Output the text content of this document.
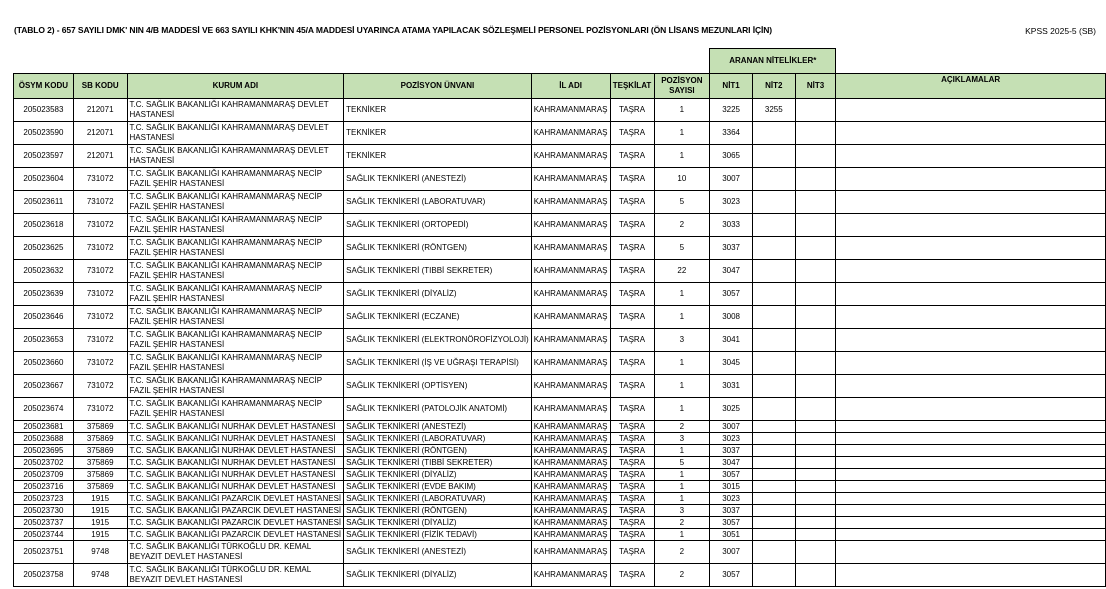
(TABLO 2) - 657 SAYILI DMK' NIN 4/B MADDESİ VE 663 SAYILI KHK'NIN 45/A MADDESİ UYARINCA ATAMA YAPILACAK SÖZLEŞMELİ PERSONEL POZİSYONLARI (ÖN LİSANS MEZUNLARI İÇİN)	KPSS 2025-5 (SB)
							ARANAN NİTELİKLER*			
ÖSYM KODU	SB KODU	KURUM ADI	POZİSYON ÜNVANI	İL ADI	TEŞKİLAT	POZİSYON SAYISI	NİT1	NİT2	NİT3	AÇIKLAMALAR
205023583	212071	T.C. SAĞLIK BAKANLIĞI KAHRAMANMARAŞ DEVLET HASTANESİ	TEKNİKER	KAHRAMANMARAŞ	TAŞRA	1	3225	3255		
205023590	212071	T.C. SAĞLIK BAKANLIĞI KAHRAMANMARAŞ DEVLET HASTANESİ	TEKNİKER	KAHRAMANMARAŞ	TAŞRA	1	3364			
205023597	212071	T.C. SAĞLIK BAKANLIĞI KAHRAMANMARAŞ DEVLET HASTANESİ	TEKNİKER	KAHRAMANMARAŞ	TAŞRA	1	3065			
205023604	731072	T.C. SAĞLIK BAKANLIĞI KAHRAMANMARAŞ NECİP FAZIL ŞEHİR HASTANESİ	SAĞLIK TEKNİKERİ (ANESTEZİ)	KAHRAMANMARAŞ	TAŞRA	10	3007			
205023611	731072	T.C. SAĞLIK BAKANLIĞI KAHRAMANMARAŞ NECİP FAZIL ŞEHİR HASTANESİ	SAĞLIK TEKNİKERİ (LABORATUVAR)	KAHRAMANMARAŞ	TAŞRA	5	3023			
205023618	731072	T.C. SAĞLIK BAKANLIĞI KAHRAMANMARAŞ NECİP FAZIL ŞEHİR HASTANESİ	SAĞLIK TEKNİKERİ (ORTOPEDİ)	KAHRAMANMARAŞ	TAŞRA	2	3033			
205023625	731072	T.C. SAĞLIK BAKANLIĞI KAHRAMANMARAŞ NECİP FAZIL ŞEHİR HASTANESİ	SAĞLIK TEKNİKERİ (RÖNTGEN)	KAHRAMANMARAŞ	TAŞRA	5	3037			
205023632	731072	T.C. SAĞLIK BAKANLIĞI KAHRAMANMARAŞ NECİP FAZIL ŞEHİR HASTANESİ	SAĞLIK TEKNİKERİ (TIBBİ SEKRETER)	KAHRAMANMARAŞ	TAŞRA	22	3047			
205023639	731072	T.C. SAĞLIK BAKANLIĞI KAHRAMANMARAŞ NECİP FAZIL ŞEHİR HASTANESİ	SAĞLIK TEKNİKERİ (DİYALİZ)	KAHRAMANMARAŞ	TAŞRA	1	3057			
205023646	731072	T.C. SAĞLIK BAKANLIĞI KAHRAMANMARAŞ NECİP FAZIL ŞEHİR HASTANESİ	SAĞLIK TEKNİKERİ (ECZANE)	KAHRAMANMARAŞ	TAŞRA	1	3008			
205023653	731072	T.C. SAĞLIK BAKANLIĞI KAHRAMANMARAŞ NECİP FAZIL ŞEHİR HASTANESİ	SAĞLIK TEKNİKERİ (ELEKTRONÖROFİZYOLOJİ)	KAHRAMANMARAŞ	TAŞRA	3	3041			
205023660	731072	T.C. SAĞLIK BAKANLIĞI KAHRAMANMARAŞ NECİP FAZIL ŞEHİR HASTANESİ	SAĞLIK TEKNİKERİ (İŞ VE UĞRAŞI TERAPİSİ)	KAHRAMANMARAŞ	TAŞRA	1	3045			
205023667	731072	T.C. SAĞLIK BAKANLIĞI KAHRAMANMARAŞ NECİP FAZIL ŞEHİR HASTANESİ	SAĞLIK TEKNİKERİ (OPTİSYEN)	KAHRAMANMARAŞ	TAŞRA	1	3031			
205023674	731072	T.C. SAĞLIK BAKANLIĞI KAHRAMANMARAŞ NECİP FAZIL ŞEHİR HASTANESİ	SAĞLIK TEKNİKERİ (PATOLOJİK ANATOMİ)	KAHRAMANMARAŞ	TAŞRA	1	3025			
205023681	375869	T.C. SAĞLIK BAKANLIĞI NURHAK DEVLET HASTANESİ	SAĞLIK TEKNİKERİ (ANESTEZİ)	KAHRAMANMARAŞ	TAŞRA	2	3007			
205023688	375869	T.C. SAĞLIK BAKANLIĞI NURHAK DEVLET HASTANESİ	SAĞLIK TEKNİKERİ (LABORATUVAR)	KAHRAMANMARAŞ	TAŞRA	3	3023			
205023695	375869	T.C. SAĞLIK BAKANLIĞI NURHAK DEVLET HASTANESİ	SAĞLIK TEKNİKERİ (RÖNTGEN)	KAHRAMANMARAŞ	TAŞRA	1	3037			
205023702	375869	T.C. SAĞLIK BAKANLIĞI NURHAK DEVLET HASTANESİ	SAĞLIK TEKNİKERİ (TIBBİ SEKRETER)	KAHRAMANMARAŞ	TAŞRA	5	3047			
205023709	375869	T.C. SAĞLIK BAKANLIĞI NURHAK DEVLET HASTANESİ	SAĞLIK TEKNİKERİ (DİYALİZ)	KAHRAMANMARAŞ	TAŞRA	1	3057			
205023716	375869	T.C. SAĞLIK BAKANLIĞI NURHAK DEVLET HASTANESİ	SAĞLIK TEKNİKERİ (EVDE BAKIM)	KAHRAMANMARAŞ	TAŞRA	1	3015			
205023723	1915	T.C. SAĞLIK BAKANLIĞI PAZARCIK DEVLET HASTANESİ	SAĞLIK TEKNİKERİ (LABORATUVAR)	KAHRAMANMARAŞ	TAŞRA	1	3023			
205023730	1915	T.C. SAĞLIK BAKANLIĞI PAZARCIK DEVLET HASTANESİ	SAĞLIK TEKNİKERİ (RÖNTGEN)	KAHRAMANMARAŞ	TAŞRA	3	3037			
205023737	1915	T.C. SAĞLIK BAKANLIĞI PAZARCIK DEVLET HASTANESİ	SAĞLIK TEKNİKERİ (DİYALİZ)	KAHRAMANMARAŞ	TAŞRA	2	3057			
205023744	1915	T.C. SAĞLIK BAKANLIĞI PAZARCIK DEVLET HASTANESİ	SAĞLIK TEKNİKERİ (FİZİK TEDAVİ)	KAHRAMANMARAŞ	TAŞRA	1	3051			
205023751	9748	T.C. SAĞLIK BAKANLIĞI TÜRKOĞLU DR. KEMAL BEYAZIT DEVLET HASTANESİ	SAĞLIK TEKNİKERİ (ANESTEZİ)	KAHRAMANMARAŞ	TAŞRA	2	3007			
205023758	9748	T.C. SAĞLIK BAKANLIĞI TÜRKOĞLU DR. KEMAL BEYAZIT DEVLET HASTANESİ	SAĞLIK TEKNİKERİ (DİYALİZ)	KAHRAMANMARAŞ	TAŞRA	2	3057			
